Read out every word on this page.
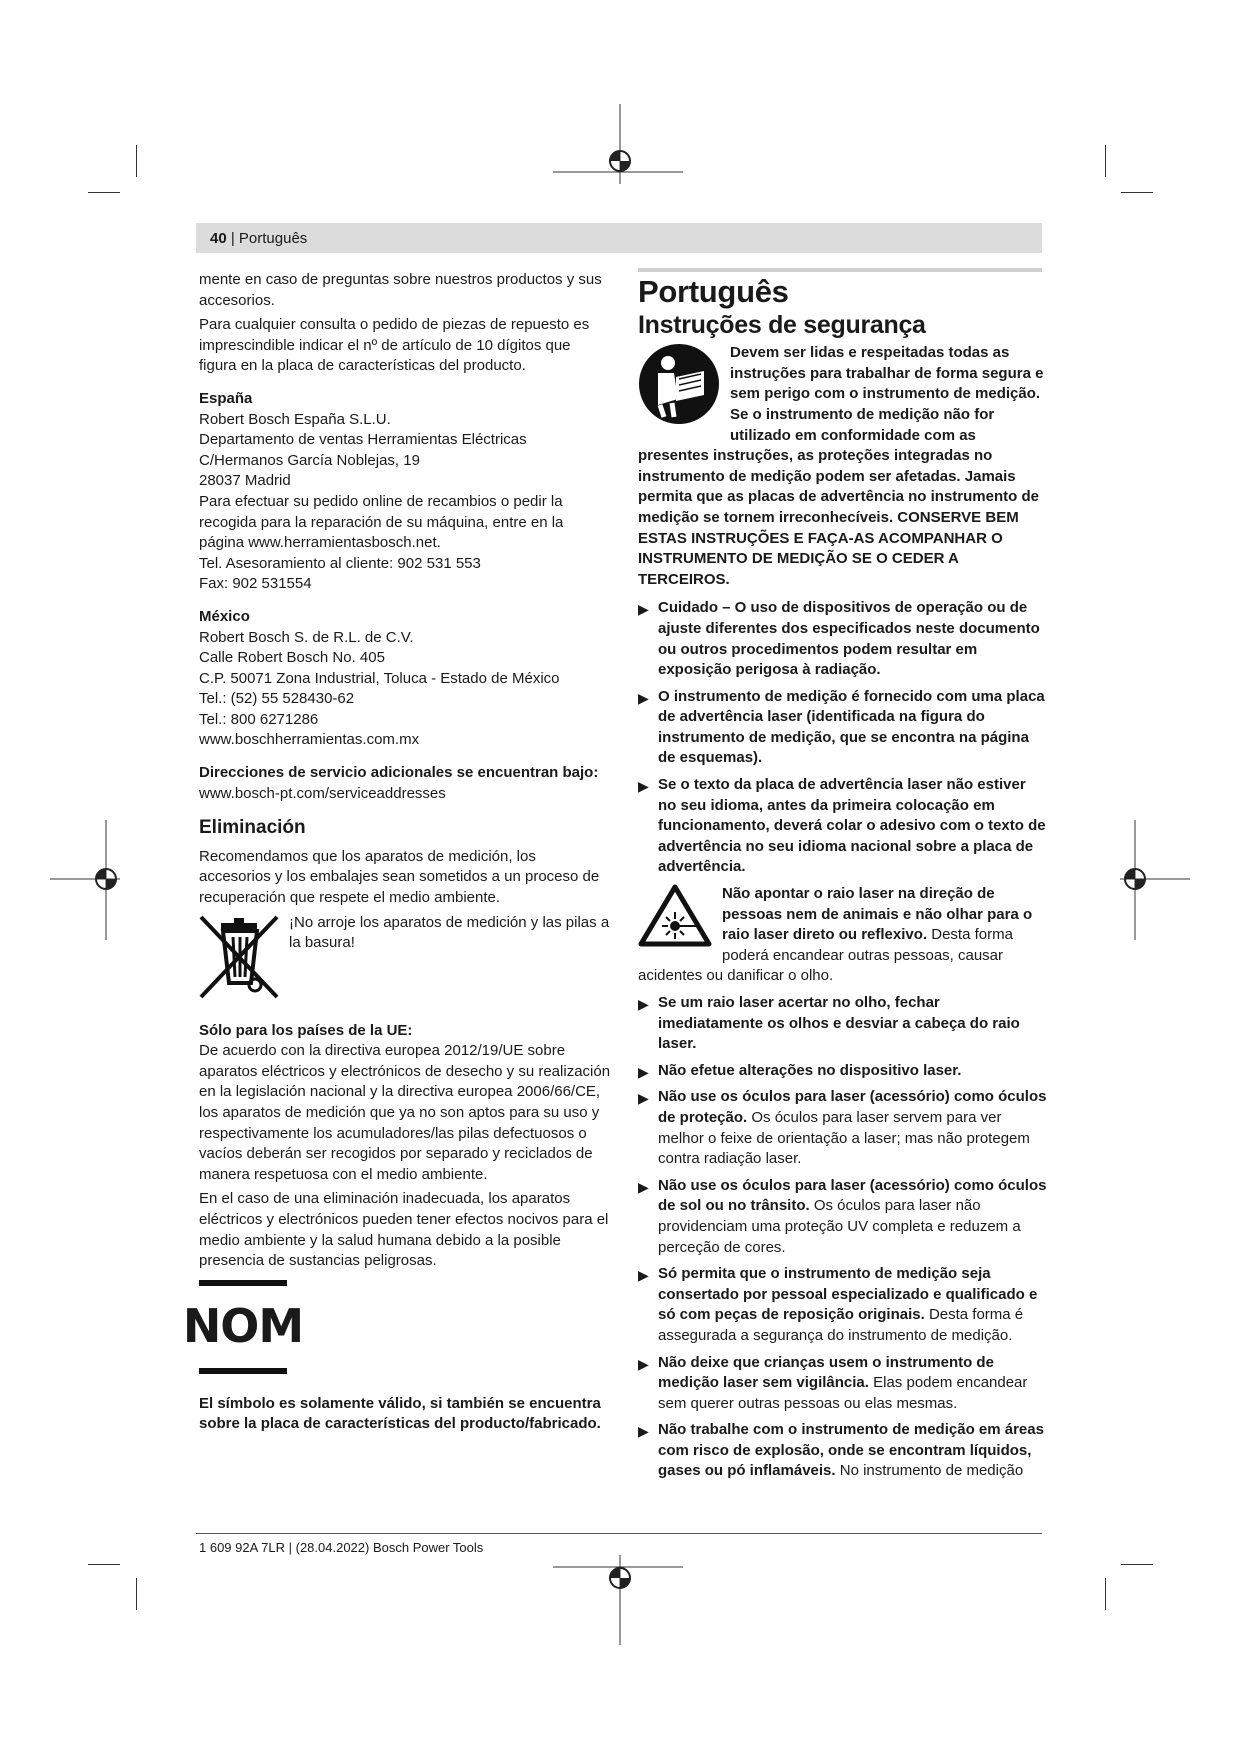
40 | Português

mente en caso de preguntas sobre nuestros productos y sus accesorios.

Para cualquier consulta o pedido de piezas de repuesto es imprescindible indicar el nº de artículo de 10 dígitos que figura en la placa de características del producto.

España
Robert Bosch España S.L.U.
Departamento de ventas Herramientas Eléctricas
C/Hermanos García Noblejas, 19
28037 Madrid
Para efectuar su pedido online de recambios o pedir la recogida para la reparación de su máquina, entre en la página www.herramientasbosch.net.
Tel. Asesoramiento al cliente: 902 531 553
Fax: 902 531554
México
Robert Bosch S. de R.L. de C.V.
Calle Robert Bosch No. 405
C.P. 50071 Zona Industrial, Toluca - Estado de México
Tel.: (52) 55 528430-62
Tel.: 800 6271286
www.boschherramientas.com.mx
Direcciones de servicio adicionales se encuentran bajo:
www.bosch-pt.com/serviceaddresses
Eliminación

Recomendamos que los aparatos de medición, los accesorios y los embalajes sean sometidos a un proceso de recuperación que respete el medio ambiente.

¡No arroje los aparatos de medición y las pilas a la basura!
Sólo para los países de la UE:

De acuerdo con la directiva europea 2012/19/UE sobre aparatos eléctricos y electrónicos de desecho y su realización en la legislación nacional y la directiva europea 2006/66/CE, los aparatos de medición que ya no son aptos para su uso y respectivamente los acumuladores/las pilas defectuosos o vacíos deberán ser recogidos por separado y reciclados de manera respetuosa con el medio ambiente.

En el caso de una eliminación inadecuada, los aparatos eléctricos y electrónicos pueden tener efectos nocivos para el medio ambiente y la salud humana debido a la posible presencia de sustancias peligrosas.

NOM
El símbolo es solamente válido, si también se encuentra sobre la placa de características del producto/fabricado.
Português
Instruções de segurança
Devem ser lidas e respeitadas todas as instruções para trabalhar de forma segura e sem perigo com o instrumento de medição. Se o instrumento de medição não for utilizado em conformidade com as presentes instruções, as proteções integradas no instrumento de medição podem ser afetadas. Jamais permita que as placas de advertência no instrumento de medição se tornem irreconhecíveis. CONSERVE BEM ESTAS INSTRUÇÕES E FAÇA-AS ACOMPANHAR O INSTRUMENTO DE MEDIÇÃO SE O CEDER A TERCEIROS.
▶ Cuidado – O uso de dispositivos de operação ou de ajuste diferentes dos especificados neste documento ou outros procedimentos podem resultar em exposição perigosa à radiação.
▶ O instrumento de medição é fornecido com uma placa de advertência laser (identificada na figura do instrumento de medição, que se encontra na página de esquemas).
▶ Se o texto da placa de advertência laser não estiver no seu idioma, antes da primeira colocação em funcionamento, deverá colar o adesivo com o texto de advertência no seu idioma nacional sobre a placa de advertência.
Não apontar o raio laser na direção de pessoas nem de animais e não olhar para o raio laser direto ou reflexivo. Desta forma poderá encandear outras pessoas, causar acidentes ou danificar o olho.
▶ Se um raio laser acertar no olho, fechar imediatamente os olhos e desviar a cabeça do raio laser.
▶ Não efetue alterações no dispositivo laser.
▶ Não use os óculos para laser (acessório) como óculos de proteção. Os óculos para laser servem para ver melhor o feixe de orientação a laser; mas não protegem contra radiação laser.
▶ Não use os óculos para laser (acessório) como óculos de sol ou no trânsito. Os óculos para laser não providenciam uma proteção UV completa e reduzem a perceção de cores.
▶ Só permita que o instrumento de medição seja consertado por pessoal especializado e qualificado e só com peças de reposição originais. Desta forma é assegurada a segurança do instrumento de medição.
▶ Não deixe que crianças usem o instrumento de medição laser sem vigilância. Elas podem encandear sem querer outras pessoas ou elas mesmas.
▶ Não trabalhe com o instrumento de medição em áreas com risco de explosão, onde se encontram líquidos, gases ou pó inflamáveis. No instrumento de medição
1 609 92A 7LR | (28.04.2022) Bosch Power Tools
